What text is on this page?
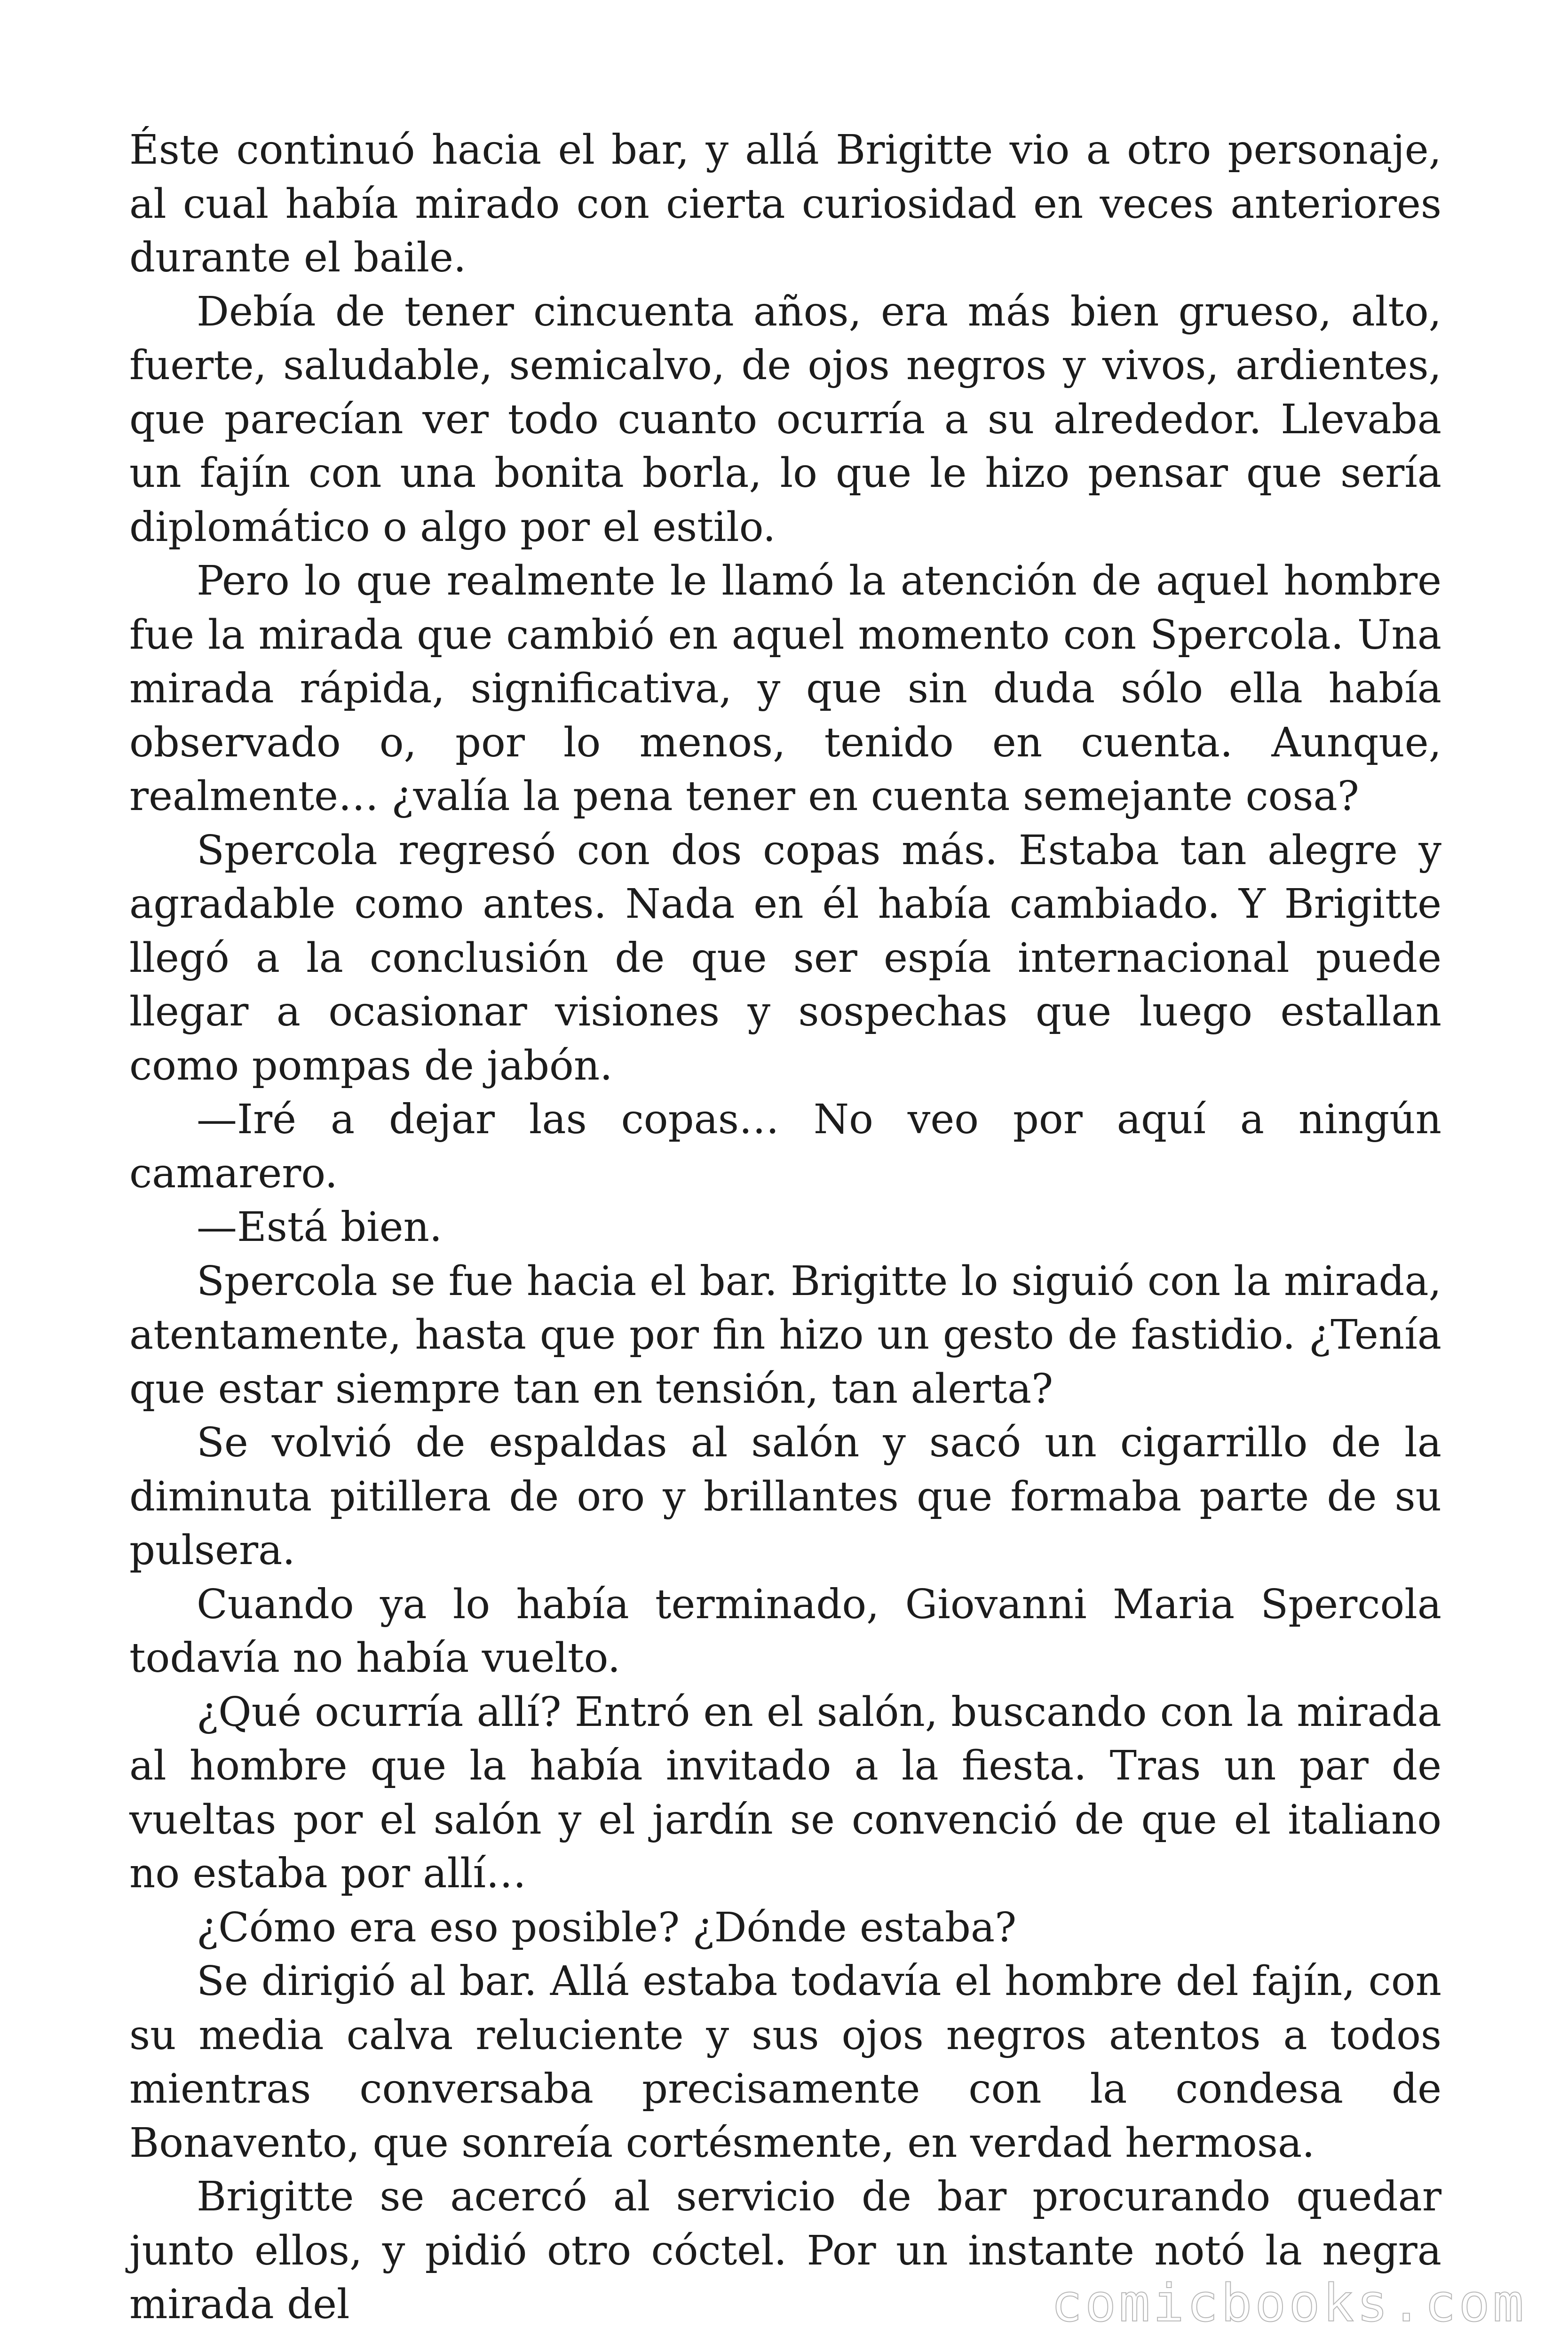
Éste continuó hacia el bar, y allá Brigitte vio a otro personaje, al cual había mirado con cierta curiosidad en veces anteriores durante el baile.

Debía de tener cincuenta años, era más bien grueso, alto, fuerte, saludable, semicalvo, de ojos negros y vivos, ardientes, que parecían ver todo cuanto ocurría a su alrededor. Llevaba un fajín con una bonita borla, lo que le hizo pensar que sería diplomático o algo por el estilo.

Pero lo que realmente le llamó la atención de aquel hombre fue la mirada que cambió en aquel momento con Spercola. Una mirada rápida, significativa, y que sin duda sólo ella había observado o, por lo menos, tenido en cuenta. Aunque, realmente… ¿valía la pena tener en cuenta semejante cosa?

Spercola regresó con dos copas más. Estaba tan alegre y agradable como antes. Nada en él había cambiado. Y Brigitte llegó a la conclusión de que ser espía internacional puede llegar a ocasionar visiones y sospechas que luego estallan como pompas de jabón.

—Iré a dejar las copas… No veo por aquí a ningún camarero.

—Está bien.

Spercola se fue hacia el bar. Brigitte lo siguió con la mirada, atentamente, hasta que por fin hizo un gesto de fastidio. ¿Tenía que estar siempre tan en tensión, tan alerta?

Se volvió de espaldas al salón y sacó un cigarrillo de la diminuta pitillera de oro y brillantes que formaba parte de su pulsera.

Cuando ya lo había terminado, Giovanni Maria Spercola todavía no había vuelto.

¿Qué ocurría allí? Entró en el salón, buscando con la mirada al hombre que la había invitado a la fiesta. Tras un par de vueltas por el salón y el jardín se convenció de que el italiano no estaba por allí…

¿Cómo era eso posible? ¿Dónde estaba?

Se dirigió al bar. Allá estaba todavía el hombre del fajín, con su media calva reluciente y sus ojos negros atentos a todos mientras conversaba precisamente con la condesa de Bonavento, que sonreía cortésmente, en verdad hermosa.

Brigitte se acercó al servicio de bar procurando quedar junto ellos, y pidió otro cóctel. Por un instante notó la negra mirada del	comicbooks.com
